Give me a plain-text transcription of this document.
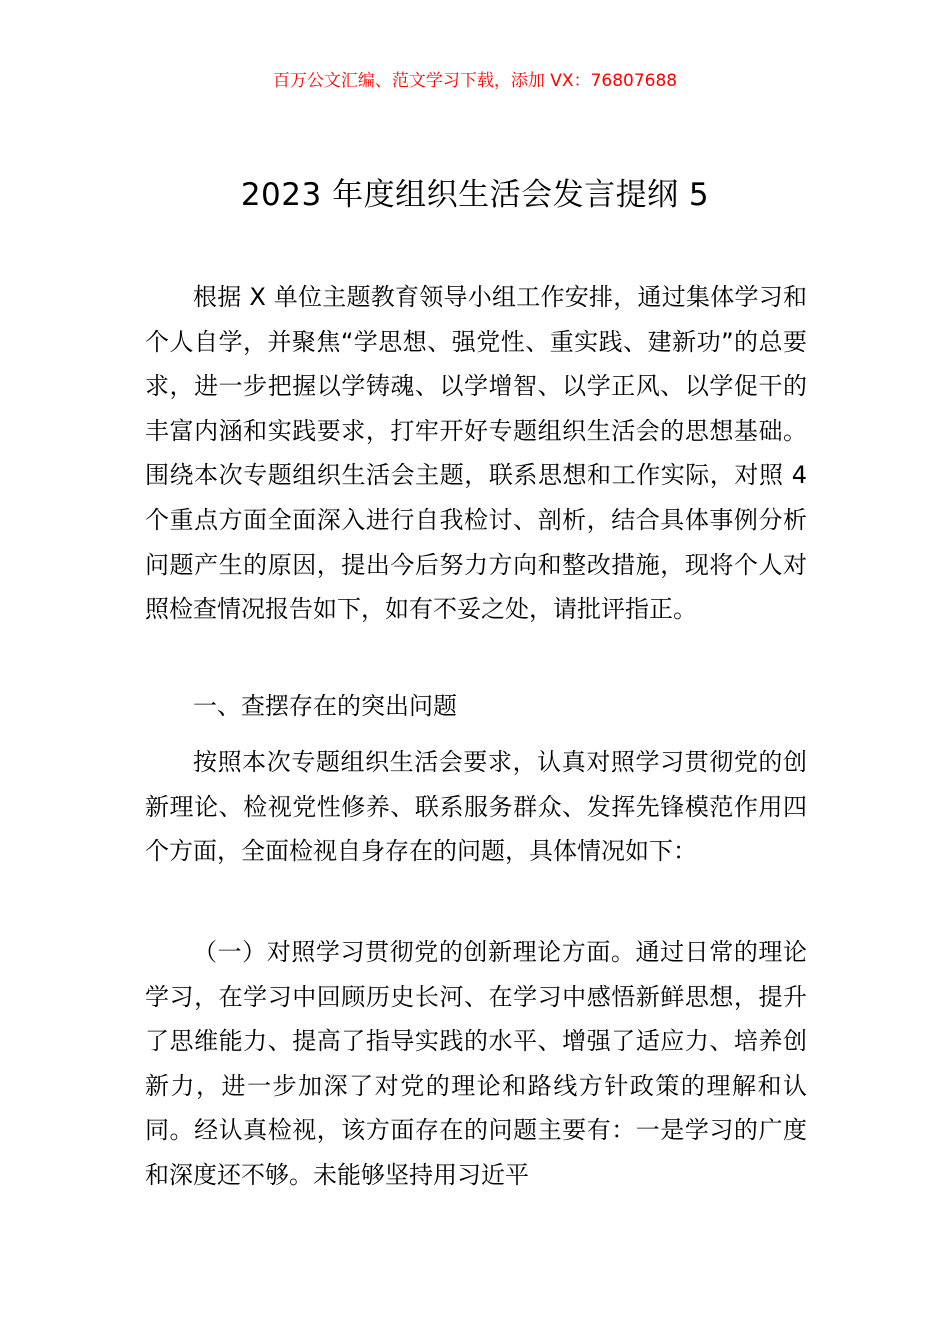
百万公文汇编、范文学习下载，添加 VX：76807688
2023 年度组织生活会发言提纲 5

根据 X 单位主题教育领导小组工作安排，通过集体学习和个人自学，并聚焦“学思想、强党性、重实践、建新功”的总要求，进一步把握以学铸魂、以学增智、以学正风、以学促干的丰富内涵和实践要求，打牢开好专题组织生活会的思想基础。围绕本次专题组织生活会主题，联系思想和工作实际，对照 4 个重点方面全面深入进行自我检讨、剖析，结合具体事例分析问题产生的原因，提出今后努力方向和整改措施，现将个人对照检查情况报告如下，如有不妥之处，请批评指正。

一、查摆存在的突出问题

按照本次专题组织生活会要求，认真对照学习贯彻党的创新理论、检视党性修养、联系服务群众、发挥先锋模范作用四个方面，全面检视自身存在的问题，具体情况如下：

（一）对照学习贯彻党的创新理论方面。通过日常的理论学习，在学习中回顾历史长河、在学习中感悟新鲜思想，提升了思维能力、提高了指导实践的水平、增强了适应力、培养创新力，进一步加深了对党的理论和路线方针政策的理解和认同。经认真检视，该方面存在的问题主要有：一是学习的广度和深度还不够。未能够坚持用习近平
